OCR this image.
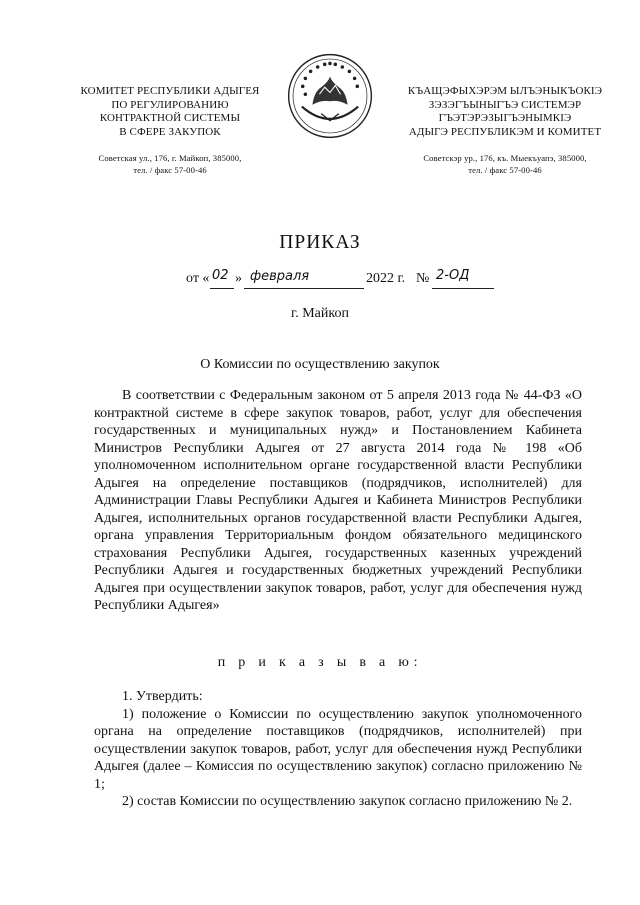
КОМИТЕТ РЕСПУБЛИКИ АДЫГЕЯ
ПО РЕГУЛИРОВАНИЮ
КОНТРАКТНОЙ СИСТЕМЫ
В СФЕРЕ ЗАКУПОК
Советская ул., 176, г. Майкоп, 385000,
тел. / факс 57-00-46
КЪАЩЭФЫХЭРЭМ ЫЛЪЭНЫКЪОКIЭ
ЗЭЗЭГЪЫНЫГЪЭ СИСТЕМЭР
ГЪЭТЭРЭЗЫГЪЭНЫМКIЭ
АДЫГЭ РЕСПУБЛИКЭМ И КОМИТЕТ
Советскэр ур., 176, къ. Мыекъуапэ, 385000,
тел. / факс 57-00-46
ПРИКАЗ
от « 02 » февраля	2022 г. № 2-ОД
г. Майкоп
О Комиссии по осуществлению закупок
В соответствии с Федеральным законом от 5 апреля 2013 года № 44-ФЗ «О контрактной системе в сфере закупок товаров, работ, услуг для обеспечения государственных и муниципальных нужд» и Постановлением Кабинета Министров Республики Адыгея от 27 августа 2014 года № 198 «Об уполномоченном исполнительном органе государственной власти Республики Адыгея на определение поставщиков (подрядчиков, исполнителей) для Администрации Главы Республики Адыгея и Кабинета Министров Республики Адыгея, исполнительных органов государственной власти Республики Адыгея, органа управления Территориальным фондом обязательного медицинского страхования Республики Адыгея, государственных казенных учреждений Республики Адыгея и государственных бюджетных учреждений Республики Адыгея при осуществлении закупок товаров, работ, услуг для обеспечения нужд Республики Адыгея»
п р и к а з ы в а ю:

1. Утвердить:

1) положение о Комиссии по осуществлению закупок уполномоченного органа на определение поставщиков (подрядчиков, исполнителей) при осуществлении закупок товаров, работ, услуг для обеспечения нужд Республики Адыгея (далее – Комиссия по осуществлению закупок) согласно приложению № 1;

2) состав Комиссии по осуществлению закупок согласно приложению № 2.
